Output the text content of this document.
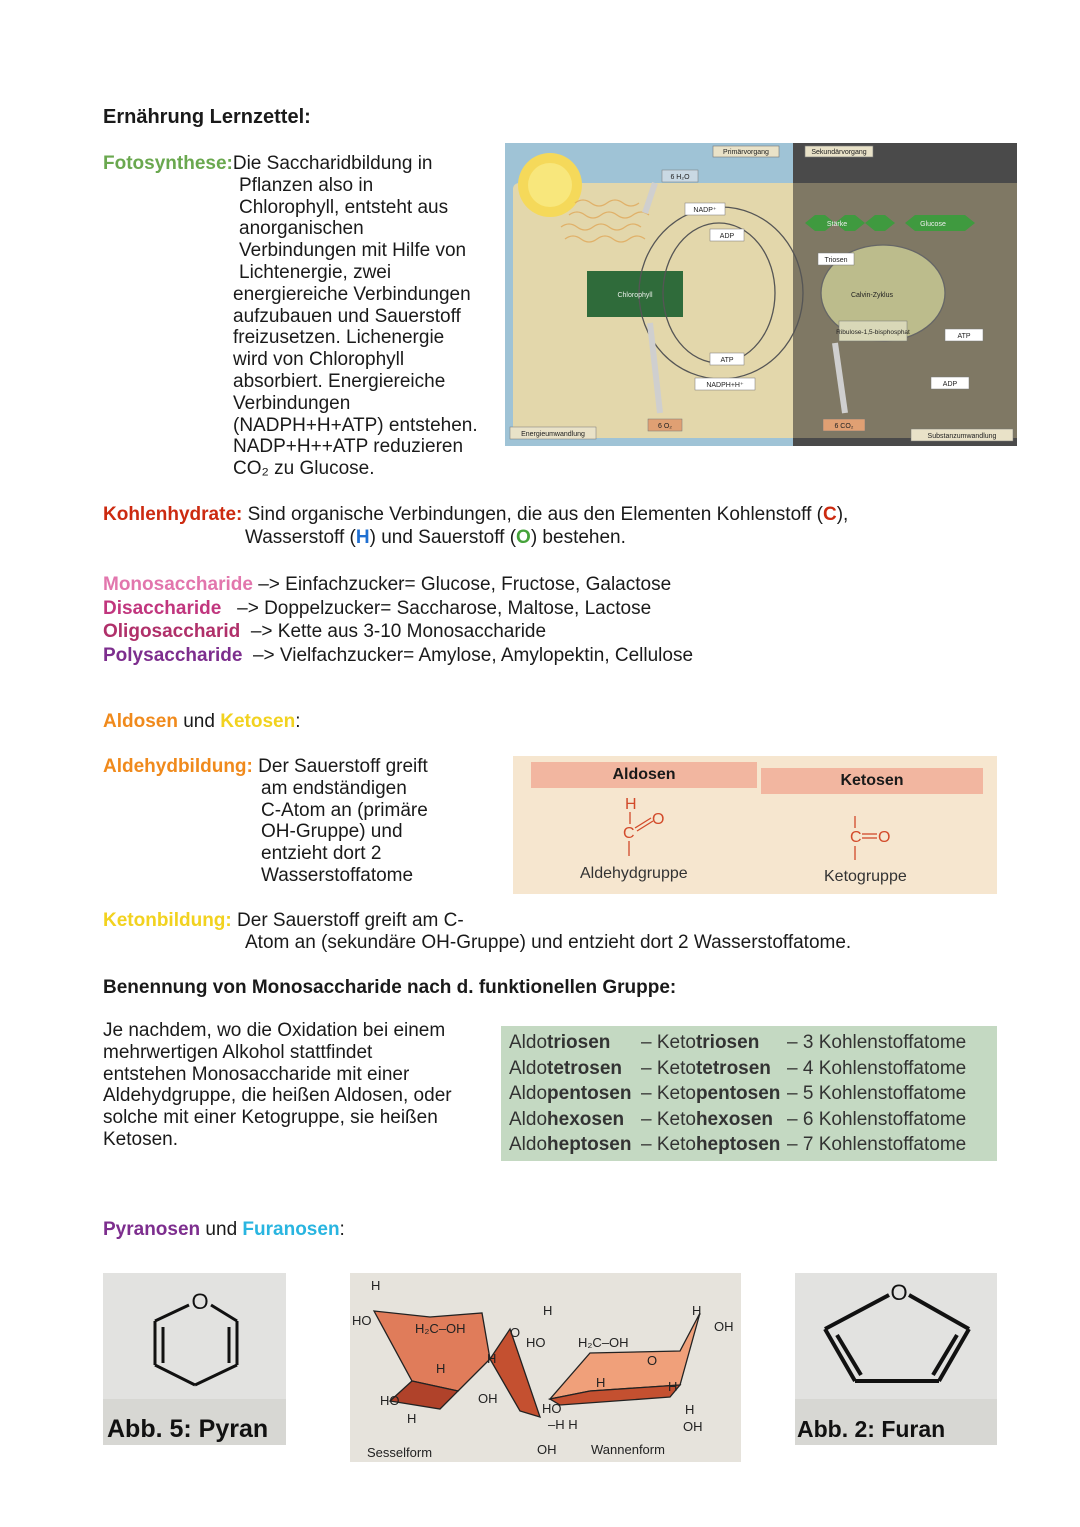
Ernährung Lernzettel:
Fotosynthese:Die Saccharidbildung in
Pflanzen also in
Chlorophyll, entsteht aus
anorganischen
Verbindungen mit Hilfe von
Lichtenergie, zwei
energiereiche Verbindungen
aufzubauen und Sauerstoff
freizusetzen. Lichenergie
wird von Chlorophyll
absorbiert. Energiereiche
Verbindungen
(NADPH+H+ATP) entstehen.
NADP+H++ATP reduzieren
CO₂ zu Glucose.
Primärvorgang	Sekundärvorgang
6 H₂O
NADP⁺
ADP
Chlorophyll
ATP
NADPH+H⁺
6 O₂
Energieumwandlung
Stärke	Glucose
Triosen
Calvin-Zyklus
Ribulose-1,5-bisphosphat
ATP
ADP
6 CO₂
Substanzumwandlung
Kohlenhydrate: Sind organische Verbindungen, die aus den Elementen Kohlenstoff (C),
Wasserstoff (H) und Sauerstoff (O) bestehen.
Monosaccharide –> Einfachzucker= Glucose, Fructose, Galactose
Disaccharide   –> Doppelzucker= Saccharose, Maltose, Lactose
Oligosaccharid  –> Kette aus 3-10 Monosaccharide
Polysaccharide  –> Vielfachzucker= Amylose, Amylopektin, Cellulose
Aldosen und Ketosen:
Aldehydbildung: Der Sauerstoff greift
am endständigen
C-Atom an (primäre
OH-Gruppe) und
entzieht dort 2
Wasserstoffatome
Aldosen	Ketosen
H
C
O
C O
Aldehydgruppe	Ketogruppe
Ketonbildung: Der Sauerstoff greift am C-
Atom an (sekundäre OH-Gruppe) und entzieht dort 2 Wasserstoffatome.
Benennung von Monosaccharide nach d. funktionellen Gruppe:
Je nachdem, wo die Oxidation bei einem
mehrwertigen Alkohol stattfindet
entstehen Monosaccharide mit einer
Aldehydgruppe, die heißen Aldosen, oder
solche mit einer Ketogruppe, sie heißen
Ketosen.
Aldotriosen – Ketotriosen – 3 Kohlenstoffatome
Aldotetrosen – Ketotetrosen – 4 Kohlenstoffatome
Aldopentosen – Ketopentosen – 5 Kohlenstoffatome
Aldohexosen – Ketohexosen – 6 Kohlenstoffatome
Aldoheptosen – Ketoheptosen – 7 Kohlenstoffatome
Pyranosen und Furanosen:
O
Abb. 5: Pyran
H
HO
H₂C–OH	O
H
H
HO
H
OH
H
HO	H₂C–OH
O
H	H
H
OH
HO
–H H
OH
H
OH
Sesselform	Wannenform
O
Abb. 2: Furan
